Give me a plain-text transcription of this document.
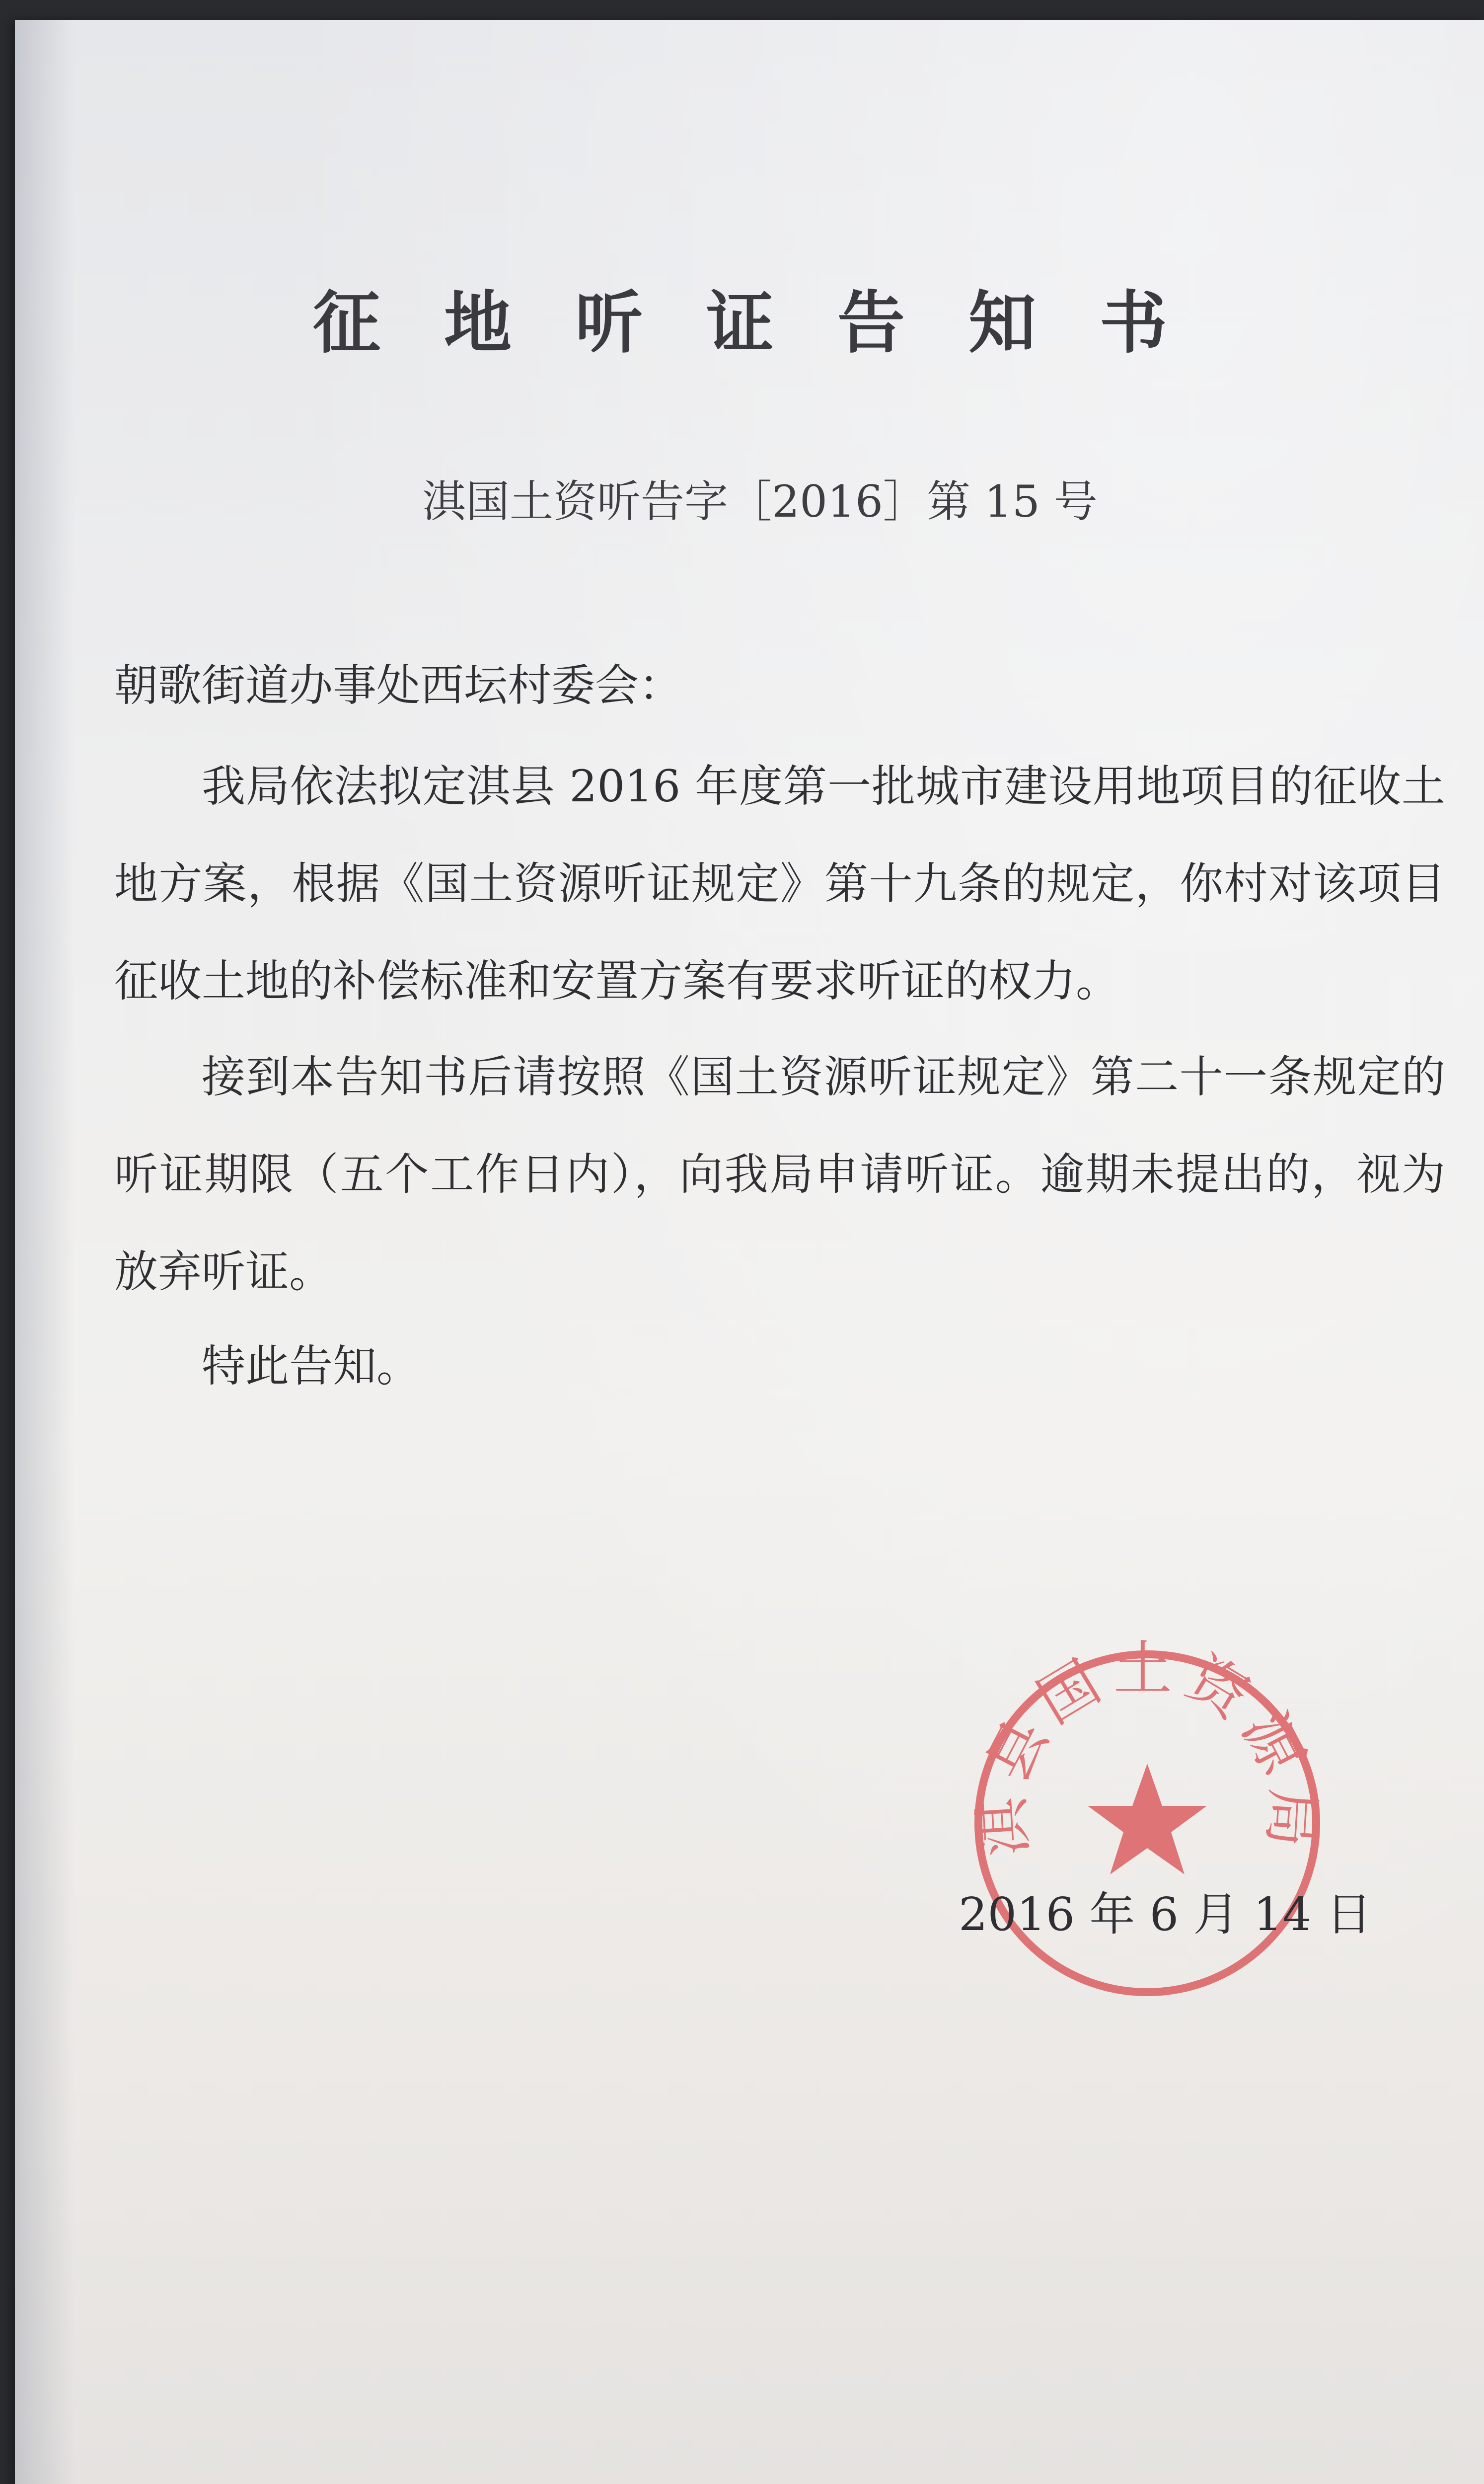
征地听证告知书
淇国土资听告字［2016］第 15 号
朝歌街道办事处西坛村委会：

我局依法拟定淇县 2016 年度第一批城市建设用地项目的征收土地方案，根据《国土资源听证规定》第十九条的规定，你村对该项目征收土地的补偿标准和安置方案有要求听证的权力。

接到本告知书后请按照《国土资源听证规定》第二十一条规定的听证期限（五个工作日内），向我局申请听证。逾期未提出的，视为放弃听证。

特此告知。
淇县国土资源局
2016 年 6 月 14 日
